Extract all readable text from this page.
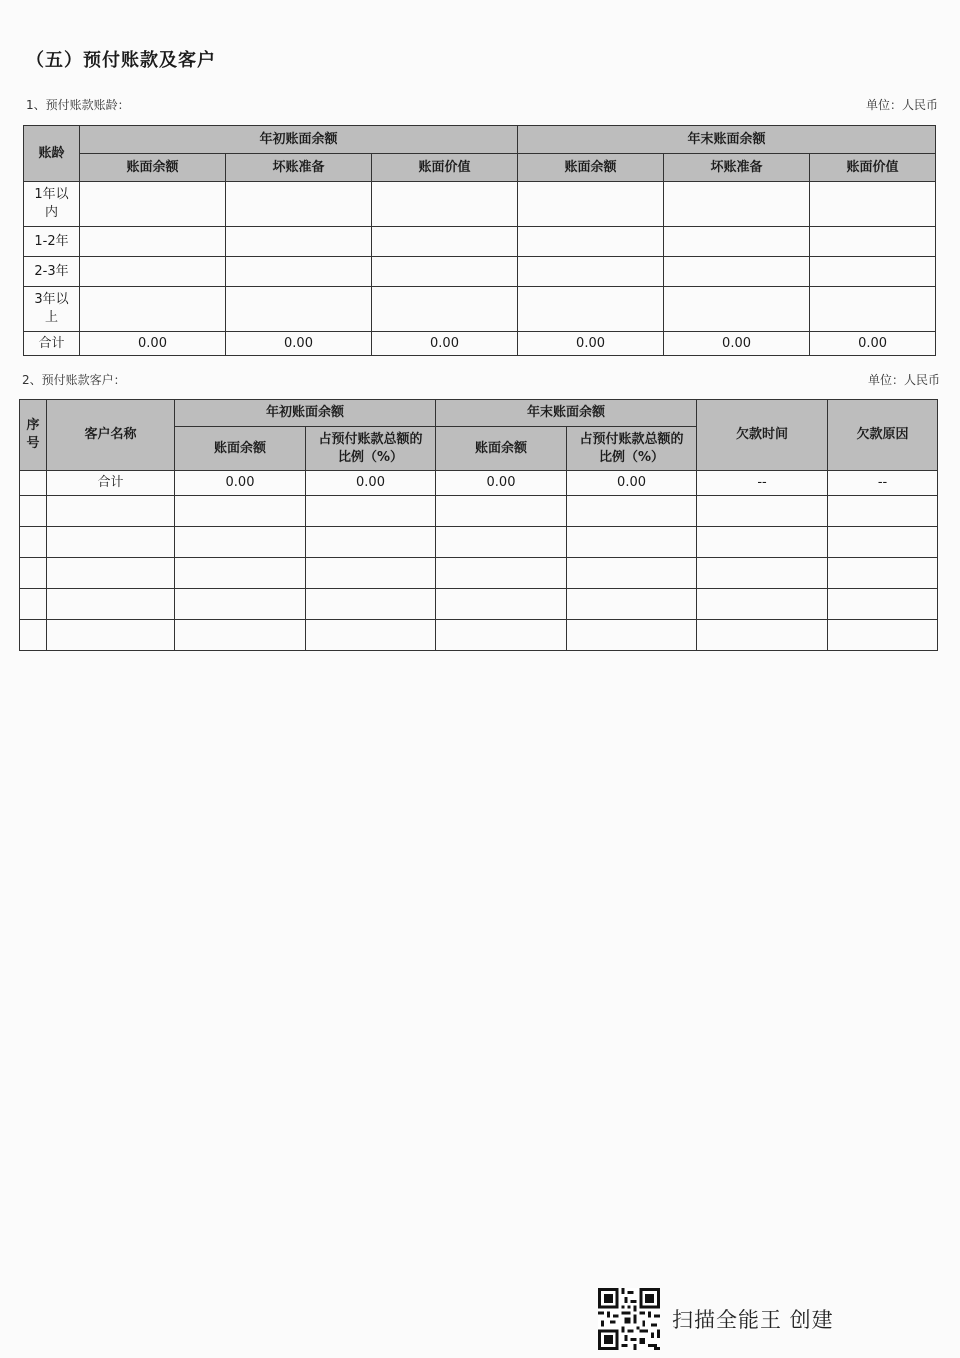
（五）预付账款及客户
1、预付账款账龄：	单位：人民币
账龄	年初账面余额			年末账面余额		
	账面余额	坏账准备	账面价值	账面余额	坏账准备	账面价值
1年以内						
1-2年						
2-3年						
3年以上						
合计	0.00	0.00	0.00	0.00	0.00	0.00
2、预付账款客户：	单位：人民币
序号	客户名称	年初账面余额		年末账面余额		欠款时间	欠款原因
		账面余额	占预付账款总额的比例（%）	账面余额	占预付账款总额的比例（%）		
	合计	0.00	0.00	0.00	0.00	--	--

扫描全能王 创建
